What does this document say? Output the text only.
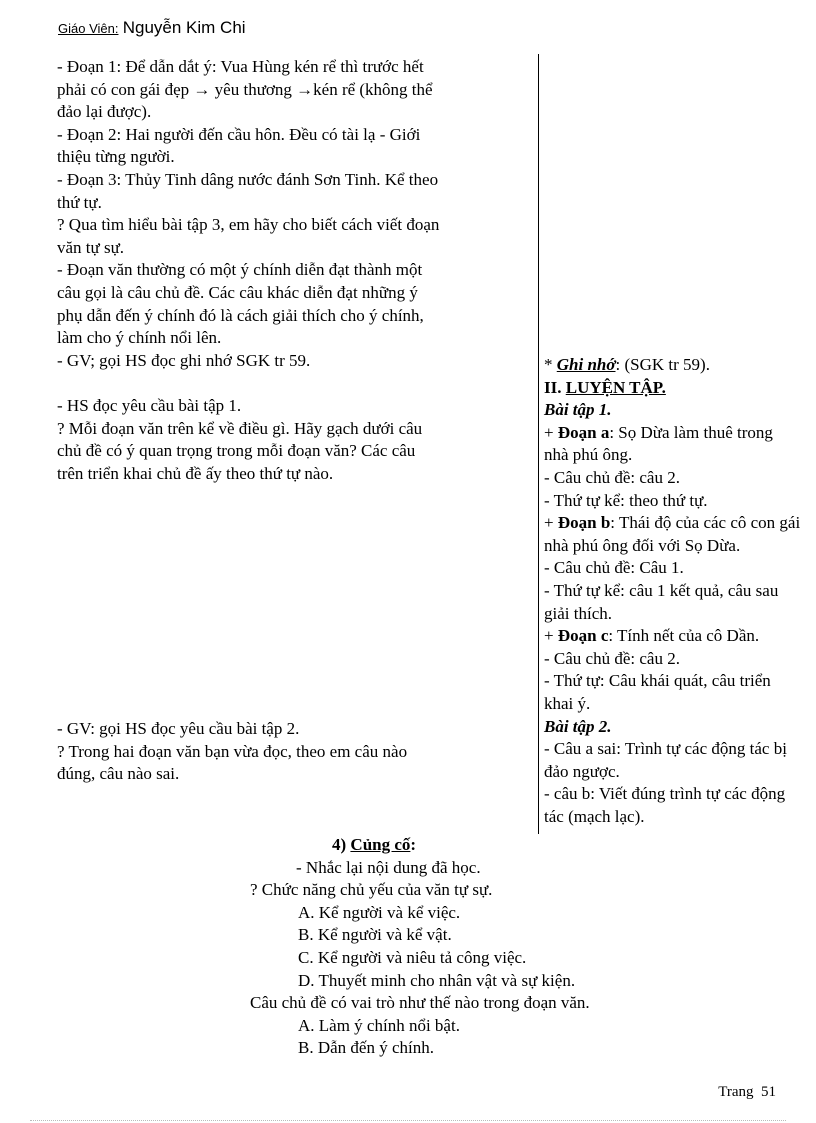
Giáo Viên: Nguyễn Kim Chi

- Đoạn 1: Để dẫn dắt ý: Vua Hùng kén rể thì trước hết

phải có con gái đẹp → yêu thương →kén rể (không thể

đảo lại được).

- Đoạn 2: Hai người đến cầu hôn. Đều có tài lạ - Giới

thiệu từng người.

- Đoạn 3: Thủy Tinh dâng nước đánh Sơn Tinh. Kể theo

thứ tự.

? Qua tìm hiểu bài tập 3, em hãy cho biết cách viết đoạn

văn tự sự.

- Đoạn văn thường có một ý chính diễn đạt thành một

câu gọi là câu chủ đề. Các câu khác diễn đạt những ý

phụ dẫn đến ý chính đó là cách giải thích cho ý chính,

làm cho ý chính nổi lên.

- GV; gọi HS đọc ghi nhớ SGK tr 59.

- HS đọc yêu cầu bài tập 1.

? Mỗi đoạn văn trên kể về điều gì. Hãy gạch dưới câu

chủ đề có ý quan trọng trong mỗi đoạn văn? Các câu

trên triển khai chủ đề ấy theo thứ tự nào.

- GV: gọi HS đọc yêu cầu bài tập 2.

? Trong hai đoạn văn bạn vừa đọc, theo em câu nào

đúng, câu nào sai.

* Ghi nhớ: (SGK tr 59).

II. LUYỆN TẬP.

Bài tập 1.

+ Đoạn a: Sọ Dừa làm thuê trong

nhà phú ông.

- Câu chủ đề: câu 2.

- Thứ tự kể: theo thứ tự.

+ Đoạn b: Thái độ của các cô con gái

nhà phú ông đối với Sọ Dừa.

- Câu chủ đề: Câu 1.

- Thứ tự kể: câu 1 kết quả, câu sau

giải thích.

+ Đoạn c: Tính nết của cô Dần.

- Câu chủ đề: câu 2.

- Thứ tự: Câu khái quát, câu triển

khai ý.

Bài tập 2.

- Câu a sai: Trình tự các động tác bị

đảo ngược.

- câu b: Viết đúng trình tự các động

tác (mạch lạc).

4) Củng cố:
- Nhắc lại nội dung đã học.
? Chức năng chủ yếu của văn tự sự.
A. Kể người và kể việc.
B. Kể người và kể vật.
C. Kể người và niêu tả công việc.
D. Thuyết minh cho nhân vật và sự kiện.
Câu chủ đề có vai trò như thế nào trong đoạn văn.
A. Làm ý chính nổi bật.
B. Dẫn đến ý chính.
Trang 51
